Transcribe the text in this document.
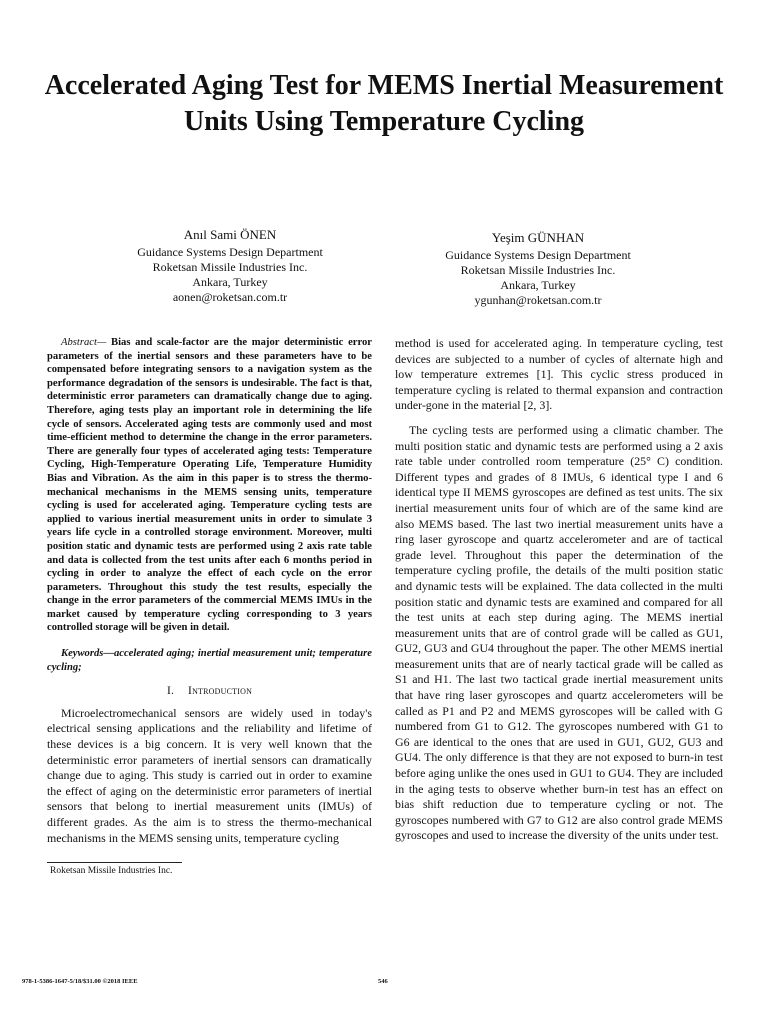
Accelerated Aging Test for MEMS Inertial Measurement Units Using Temperature Cycling
Anıl Sami ÖNEN
Guidance Systems Design Department
Roketsan Missile Industries Inc.
Ankara, Turkey
aonen@roketsan.com.tr
Yeşim GÜNHAN
Guidance Systems Design Department
Roketsan Missile Industries Inc.
Ankara, Turkey
ygunhan@roketsan.com.tr

Abstract— Bias and scale-factor are the major deterministic error parameters of the inertial sensors and these parameters have to be compensated before integrating sensors to a navigation system as the performance degradation of the sensors is undesirable. The fact is that, deterministic error parameters can dramatically change due to aging. Therefore, aging tests play an important role in determining the life cycle of sensors. Accelerated aging tests are commonly used and most time-efficient method to determine the change in the error parameters. There are generally four types of accelerated aging tests: Temperature Cycling, High-Temperature Operating Life, Temperature Humidity Bias and Vibration. As the aim in this paper is to stress the thermo-mechanical mechanisms in the MEMS sensing units, temperature cycling is used for accelerated aging. Temperature cycling tests are applied to various inertial measurement units in order to simulate 3 years life cycle in a controlled storage environment. Moreover, multi position static and dynamic tests are performed using 2 axis rate table and data is collected from the test units after each 6 months period in cycling in order to analyze the effect of each cycle on the error parameters. Throughout this study the test results, especially the change in the error parameters of the commercial MEMS IMUs in the market caused by temperature cycling corresponding to 3 years controlled storage will be given in detail.

Keywords—accelerated aging; inertial measurement unit; temperature cycling;

I. Introduction

Microelectromechanical sensors are widely used in today's electrical sensing applications and the reliability and lifetime of these devices is a big concern. It is very well known that the deterministic error parameters of inertial sensors can dramatically change due to aging. This study is carried out in order to examine the effect of aging on the deterministic error parameters of inertial sensors that belong to inertial measurement units (IMUs) of different grades. As the aim is to stress the thermo-mechanical mechanisms in the MEMS sensing units, temperature cycling

method is used for accelerated aging. In temperature cycling, test devices are subjected to a number of cycles of alternate high and low temperature extremes [1]. This cyclic stress produced in temperature cycling is related to thermal expansion and contraction under-gone in the material [2, 3].

The cycling tests are performed using a climatic chamber. The multi position static and dynamic tests are performed using a 2 axis rate table under controlled room temperature (25° C) condition. Different types and grades of 8 IMUs, 6 identical type I and 6 identical type II MEMS gyroscopes are defined as test units. The six inertial measurement units four of which are of the same kind are also MEMS based. The last two inertial measurement units have a ring laser gyroscope and quartz accelerometer and are of tactical grade level. Throughout this paper the determination of the temperature cycling profile, the details of the multi position static and dynamic tests will be explained. The data collected in the multi position static and dynamic tests are examined and compared for all the test units at each step during aging. The MEMS inertial measurement units that are of control grade will be called as GU1, GU2, GU3 and GU4 throughout the paper. The other MEMS inertial measurement units that are of nearly tactical grade will be called as S1 and H1. The last two tactical grade inertial measurement units that have ring laser gyroscopes and quartz accelerometers will be called as P1 and P2 and MEMS gyroscopes will be called with G numbered from G1 to G12. The gyroscopes numbered with G1 to G6 are identical to the ones that are used in GU1, GU2, GU3 and GU4. The only difference is that they are not exposed to burn-in test before aging unlike the ones used in GU1 to GU4. They are included in the aging tests to observe whether burn-in test has an effect on bias shift reduction due to temperature cycling or not. The gyroscopes numbered with G7 to G12 are also control grade MEMS gyroscopes and used to increase the diversity of the units under test.

Roketsan Missile Industries Inc.
978-1-5386-1647-5/18/$31.00 ©2018 IEEE	546
